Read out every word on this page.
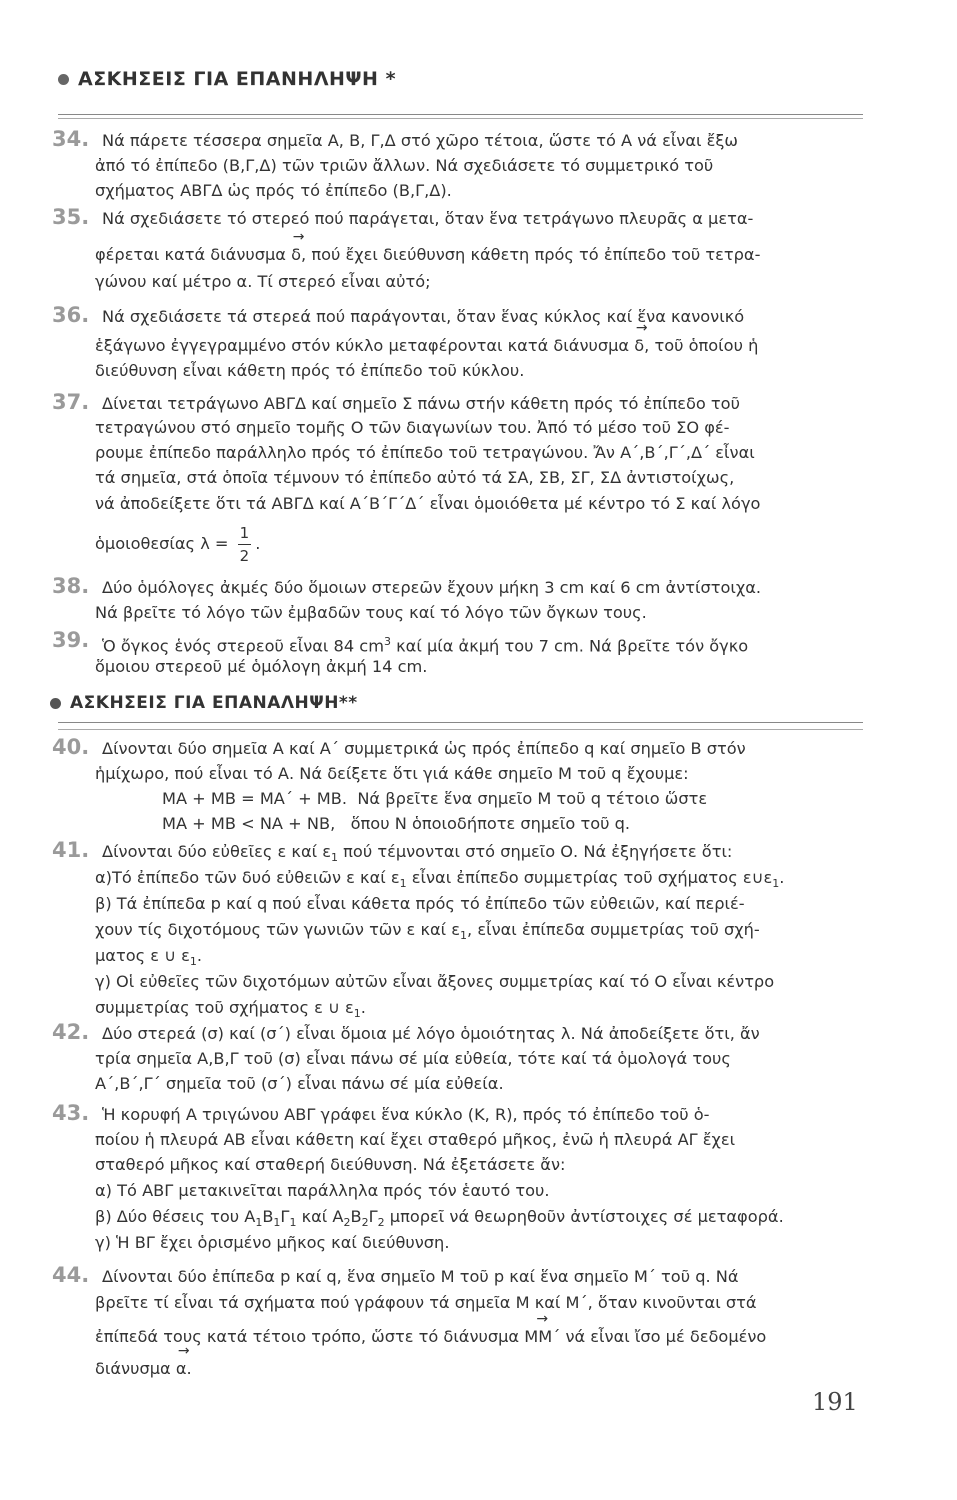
ΑΣΚΗΣΕΙΣ ΓΙΑ ΕΠΑΝΗΛΗΨΗ *
34. Νά πάρετε τέσσερα σημεῖα Α, Β, Γ,Δ στό χῶρο τέτοια, ὥστε τό Α νά εἶναι ἔξω
ἀπό τό ἐπίπεδο (Β,Γ,Δ) τῶν τριῶν ἄλλων. Νά σχεδιάσετε τό συμμετρικό τοῦ
σχήματος ΑΒΓΔ ὡς πρός τό ἐπίπεδο (Β,Γ,Δ).
35. Νά σχεδιάσετε τό στερεό πού παράγεται, ὅταν ἕνα τετράγωνο πλευρᾶς α μετα-
φέρεται κατά διάνυσμα → δ, πού ἔχει διεύθυνση κάθετη πρός τό ἐπίπεδο τοῦ τετρα-
γώνου καί μέτρο α. Τί στερεό εἶναι αὐτό;
36. Νά σχεδιάσετε τά στερεά πού παράγονται, ὅταν ἕνας κύκλος καί ἕνα κανονικό
ἑξάγωνο ἐγγεγραμμένο στόν κύκλο μεταφέρονται κατά διάνυσμα → δ, τοῦ ὁποίου ἡ
διεύθυνση εἶναι κάθετη πρός τό ἐπίπεδο τοῦ κύκλου.
37. Δίνεται τετράγωνο ΑΒΓΔ καί σημεῖο Σ πάνω στήν κάθετη πρός τό ἐπίπεδο τοῦ
τετραγώνου στό σημεῖο τομῆς Ο τῶν διαγωνίων του. Ἀπό τό μέσο τοῦ ΣΟ φέ-
ρουμε ἐπίπεδο παράλληλο πρός τό ἐπίπεδο τοῦ τετραγώνου. Ἄν Α΄,Β΄,Γ΄,Δ΄ εἶναι
τά σημεῖα, στά ὁποῖα τέμνουν τό ἐπίπεδο αὐτό τά ΣΑ, ΣΒ, ΣΓ, ΣΔ ἀντιστοίχως,
νά ἀποδείξετε ὅτι τά ΑΒΓΔ καί Α΄Β΄Γ΄Δ΄ εἶναι ὁμοιόθετα μέ κέντρο τό Σ καί λόγο
ὁμοιοθεσίας $\lambda = \frac{1}{2}$ .
38. Δύο ὁμόλογες ἀκμές δύο ὅμοιων στερεῶν ἔχουν μήκη 3 cm καί 6 cm ἀντίστοιχα.
Νά βρεῖτε τό λόγο τῶν ἐμβαδῶν τους καί τό λόγο τῶν ὄγκων τους.
39. Ὁ ὄγκος ἑνός στερεοῦ εἶναι 84 $cm^3$ καί μία ἀκμή του 7 cm. Νά βρεῖτε τόν ὄγκο
ὅμοιου στερεοῦ μέ ὁμόλογη ἀκμή 14 cm.
ΑΣΚΗΣΕΙΣ ΓΙΑ ΕΠΑΝΑΛΗΨΗ**
40. Δίνονται δύο σημεῖα Α καί Α΄ συμμετρικά ὡς πρός ἐπίπεδο q καί σημεῖο Β στόν
ἡμίχωρο, πού εἶναι τό Α. Νά δείξετε ὅτι γιά κάθε σημεῖο Μ τοῦ q ἔχουμε:
ΜΑ + ΜΒ = ΜΑ΄ + ΜΒ. Νά βρεῖτε ἕνα σημεῖο Μ τοῦ q τέτοιο ὥστε
ΜΑ + ΜΒ < ΝΑ + ΝΒ, ὅπου Ν ὁποιοδήποτε σημεῖο τοῦ q.
41. Δίνονται δύο εὐθεῖες ε καί $\varepsilon_1$ πού τέμνονται στό σημεῖο Ο. Νά ἐξηγήσετε ὅτι:
α)Τό ἐπίπεδο τῶν δυό εὐθειῶν ε καί $\varepsilon_1$ εἶναι ἐπίπεδο συμμετρίας τοῦ σχήματος $\varepsilon\cup\varepsilon_1$.
β) Τά ἐπίπεδα p καί q πού εἶναι κάθετα πρός τό ἐπίπεδο τῶν εὐθειῶν, καί περιέ-
χουν τίς διχοτόμους τῶν γωνιῶν τῶν ε καί $\varepsilon_1$, εἶναι ἐπίπεδα συμμετρίας τοῦ σχή-
ματος ε ∪ $\varepsilon_1$.
γ) Οἱ εὐθεῖες τῶν διχοτόμων αὐτῶν εἶναι ἄξονες συμμετρίας καί τό Ο εἶναι κέντρο
συμμετρίας τοῦ σχήματος ε ∪ $\varepsilon_1$.
42. Δύο στερεά (σ) καί (σ΄) εἶναι ὅμοια μέ λόγο ὁμοιότητας λ. Νά ἀποδείξετε ὅτι, ἄν
τρία σημεῖα Α,Β,Γ τοῦ (σ) εἶναι πάνω σέ μία εὐθεία, τότε καί τά ὁμολογά τους
Α΄,Β΄,Γ΄ σημεῖα τοῦ (σ΄) εἶναι πάνω σέ μία εὐθεία.
43. Ἡ κορυφή Α τριγώνου ΑΒΓ γράφει ἕνα κύκλο (Κ, R), πρός τό ἐπίπεδο τοῦ ὁ-
ποίου ἡ πλευρά ΑΒ εἶναι κάθετη καί ἔχει σταθερό μῆκος, ἐνῶ ἡ πλευρά ΑΓ ἔχει
σταθερό μῆκος καί σταθερή διεύθυνση. Νά ἐξετάσετε ἄν:
α) Τό ΑΒΓ μετακινεῖται παράλληλα πρός τόν ἑαυτό του.
β) Δύο θέσεις του $A_1B_1\Gamma_1$ καί $A_2B_2\Gamma_2$ μπορεῖ νά θεωρηθοῦν ἀντίστοιχες σέ μεταφορά.
γ) Ἡ ΒΓ ἔχει ὁρισμένο μῆκος καί διεύθυνση.
44. Δίνονται δύο ἐπίπεδα p καί q, ἕνα σημεῖο Μ τοῦ p καί ἕνα σημεῖο Μ΄ τοῦ q. Νά
βρεῖτε τί εἶναι τά σχήματα πού γράφουν τά σημεῖα Μ καί Μ΄, ὅταν κινοῦνται στά
ἐπίπεδά τους κατά τέτοιο τρόπο, ὥστε τό διάνυσμα → ΜΜ΄ νά εἶναι ἴσο μέ δεδομένο
διάνυσμα → α.
191
